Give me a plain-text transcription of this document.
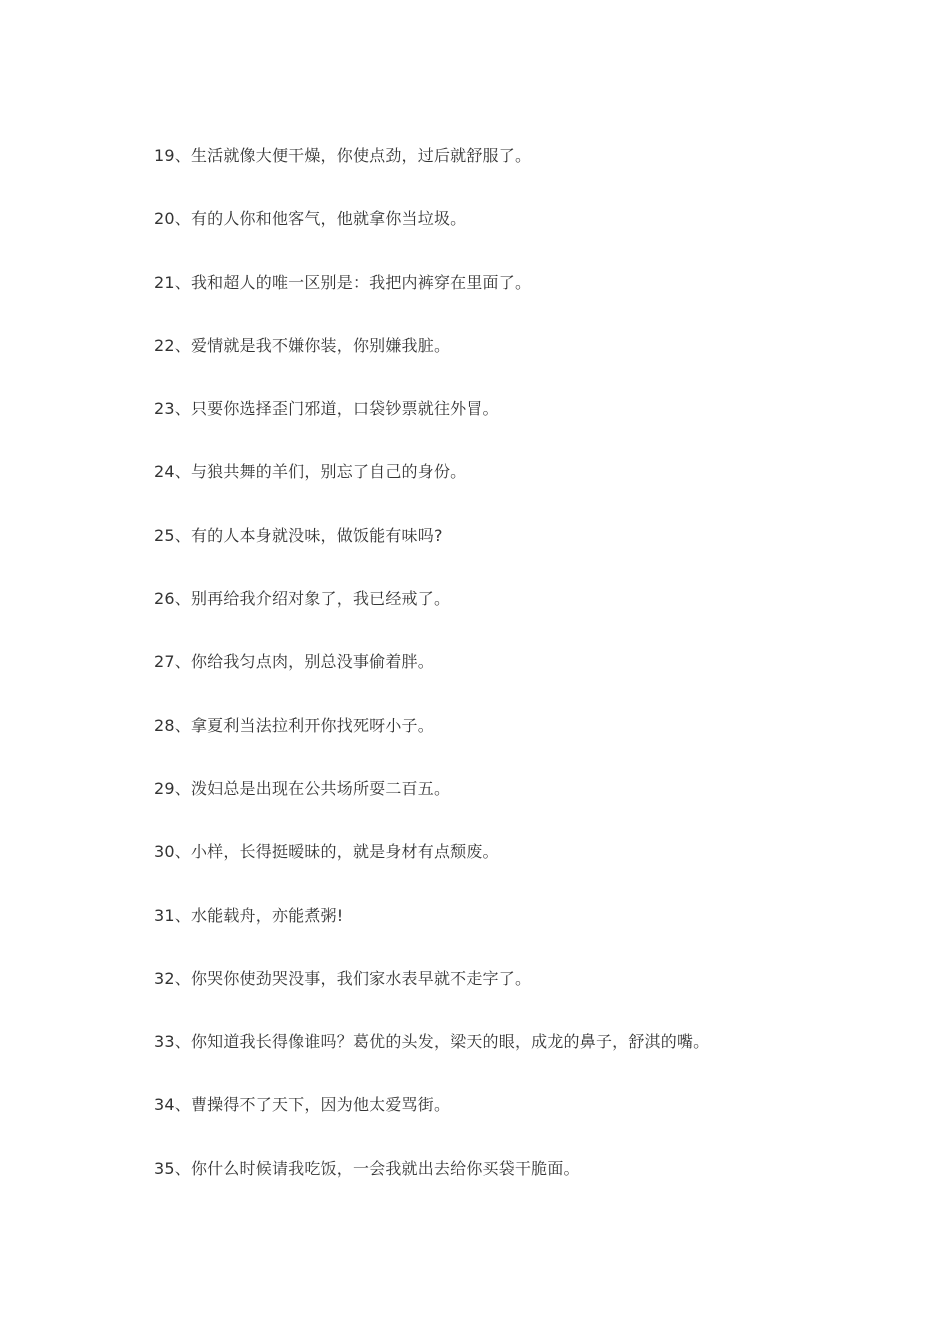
19、生活就像大便干燥，你使点劲，过后就舒服了。
20、有的人你和他客气，他就拿你当垃圾。
21、我和超人的唯一区别是：我把内裤穿在里面了。
22、爱情就是我不嫌你装，你别嫌我脏。
23、只要你选择歪门邪道，口袋钞票就往外冒。
24、与狼共舞的羊们，别忘了自己的身份。
25、有的人本身就没味，做饭能有味吗?
26、别再给我介绍对象了，我已经戒了。
27、你给我匀点肉，别总没事偷着胖。
28、拿夏利当法拉利开你找死呀小子。
29、泼妇总是出现在公共场所耍二百五。
30、小样，长得挺暧昧的，就是身材有点颓废。
31、水能载舟，亦能煮粥!
32、你哭你使劲哭没事，我们家水表早就不走字了。
33、你知道我长得像谁吗？葛优的头发，梁天的眼，成龙的鼻子，舒淇的嘴。
34、曹操得不了天下，因为他太爱骂街。
35、你什么时候请我吃饭，一会我就出去给你买袋干脆面。
